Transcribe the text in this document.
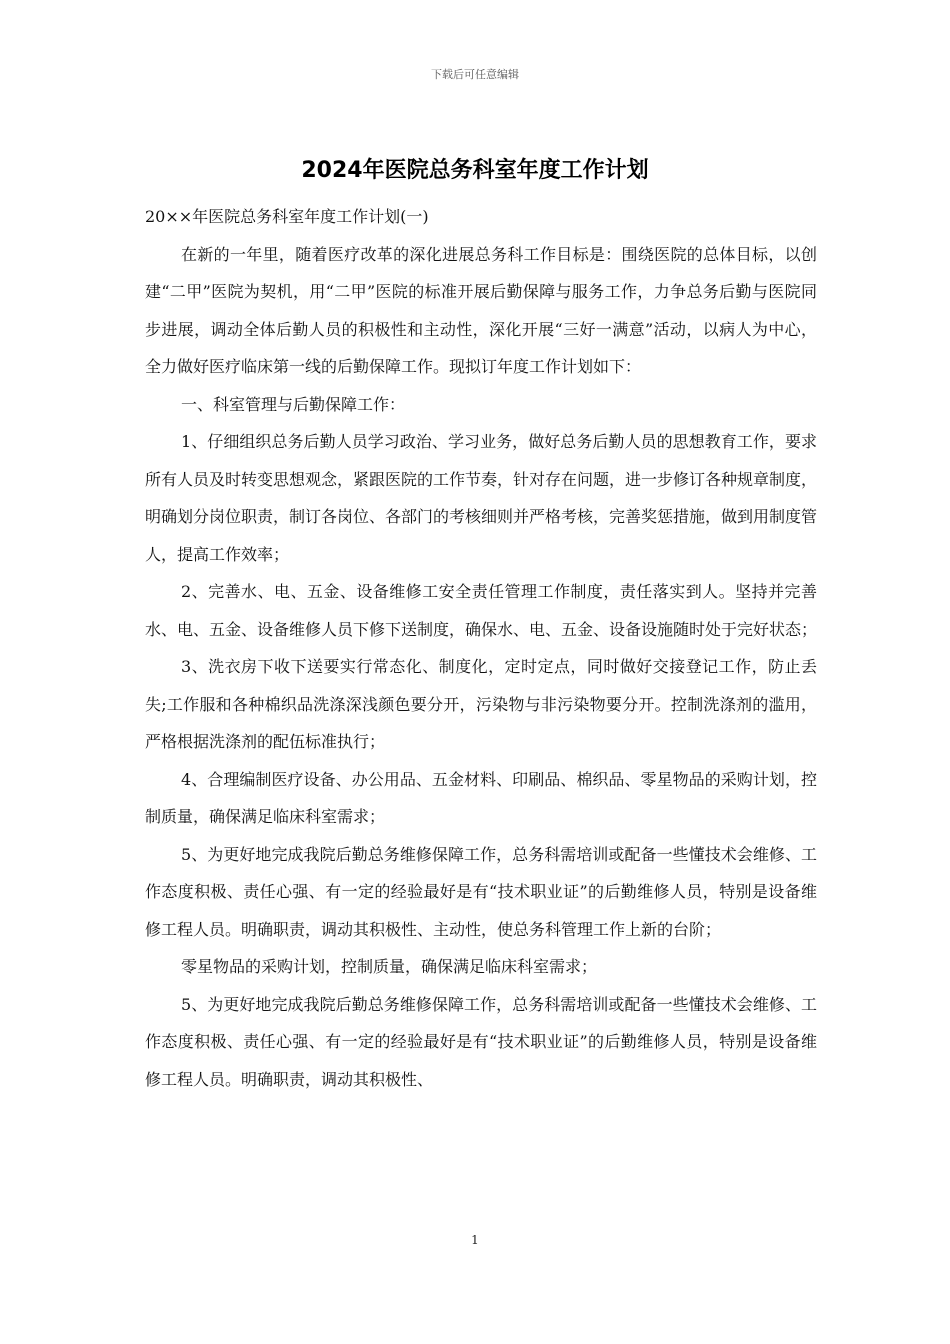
下载后可任意编辑
2024年医院总务科室年度工作计划

20××年医院总务科室年度工作计划(一)

在新的一年里，随着医疗改革的深化进展总务科工作目标是：围绕医院的总体目标，以创建“二甲”医院为契机，用“二甲”医院的标准开展后勤保障与服务工作，力争总务后勤与医院同步进展，调动全体后勤人员的积极性和主动性，深化开展“三好一满意”活动，以病人为中心，全力做好医疗临床第一线的后勤保障工作。现拟订年度工作计划如下：

一、科室管理与后勤保障工作：

1、仔细组织总务后勤人员学习政治、学习业务，做好总务后勤人员的思想教育工作，要求所有人员及时转变思想观念，紧跟医院的工作节奏，针对存在问题，进一步修订各种规章制度，明确划分岗位职责，制订各岗位、各部门的考核细则并严格考核，完善奖惩措施，做到用制度管人，提高工作效率；

2、完善水、电、五金、设备维修工安全责任管理工作制度，责任落实到人。坚持并完善水、电、五金、设备维修人员下修下送制度，确保水、电、五金、设备设施随时处于完好状态；

3、洗衣房下收下送要实行常态化、制度化，定时定点，同时做好交接登记工作，防止丢失;工作服和各种棉织品洗涤深浅颜色要分开，污染物与非污染物要分开。控制洗涤剂的滥用，严格根据洗涤剂的配伍标准执行；

4、合理编制医疗设备、办公用品、五金材料、印刷品、棉织品、零星物品的采购计划，控制质量，确保满足临床科室需求；

5、为更好地完成我院后勤总务维修保障工作，总务科需培训或配备一些懂技术会维修、工作态度积极、责任心强、有一定的经验最好是有“技术职业证”的后勤维修人员，特别是设备维修工程人员。明确职责，调动其积极性、主动性，使总务科管理工作上新的台阶；

零星物品的采购计划，控制质量，确保满足临床科室需求；

5、为更好地完成我院后勤总务维修保障工作，总务科需培训或配备一些懂技术会维修、工作态度积极、责任心强、有一定的经验最好是有“技术职业证”的后勤维修人员，特别是设备维修工程人员。明确职责，调动其积极性、

1
